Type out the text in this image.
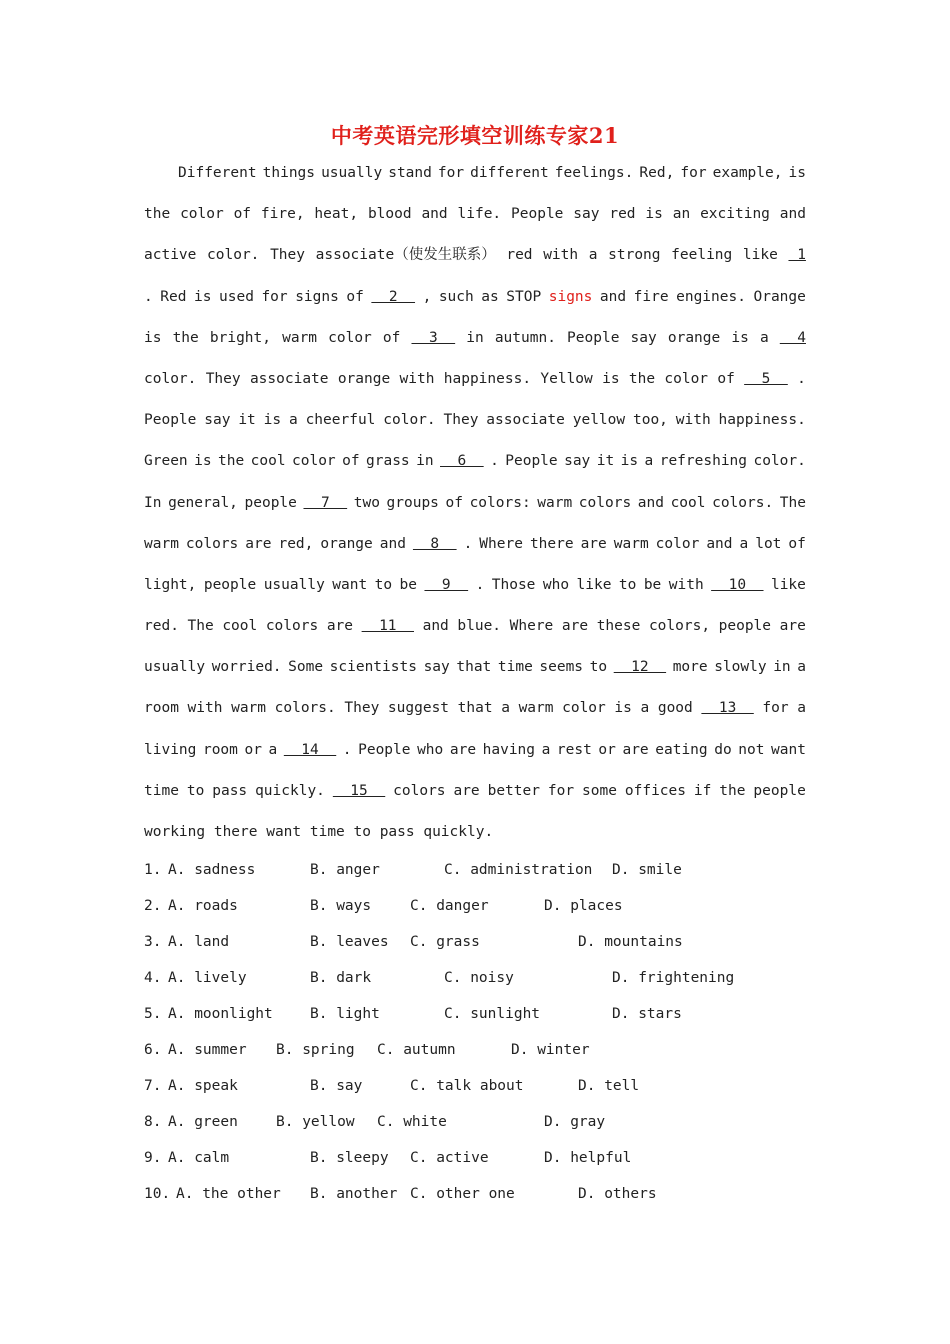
中考英语完形填空训练专家21
Different things usually stand for different feelings. Red, for example, is
the color of fire, heat, blood and life. People say red is an exciting and
active color. They associate（使发生联系） red with a strong feeling like 1
. Red is used for signs of 2 , such as STOP signs and fire engines. Orange
is the bright, warm color of 3 in autumn. People say orange is a 4
color. They associate orange with happiness. Yellow is the color of 5 .
People say it is a cheerful color. They associate yellow too, with happiness.
Green is the cool color of grass in 6 . People say it is a refreshing color.
In general, people 7 two groups of colors: warm colors and cool colors. The
warm colors are red, orange and 8 . Where there are warm color and a lot of
light, people usually want to be 9 . Those who like to be with 10 like
red. The cool colors are 11 and blue. Where are these colors, people are
usually worried. Some scientists say that time seems to 12 more slowly in a
room with warm colors. They suggest that a warm color is a good 13 for a
living room or a 14 . People who are having a rest or are eating do not want
time to pass quickly. 15 colors are better for some offices if the people
working there want time to pass quickly.
1. A. sadness	B. anger	C. administration D. smile
2. A. roads	B. ways	C. danger	D. places
3. A. land	B. leaves C. grass	D. mountains
4. A. lively	B. dark	C. noisy	D. frightening
5. A. moonlight	B. light	C. sunlight	D. stars
6. A. summer B. spring C. autumn	D. winter
7. A. speak	B. say	C. talk about	D. tell
8. A. green	B. yellow C. white	D. gray
9. A. calm	B. sleepy C. active	D. helpful
10. A. the other B. another C. other one	D. others
